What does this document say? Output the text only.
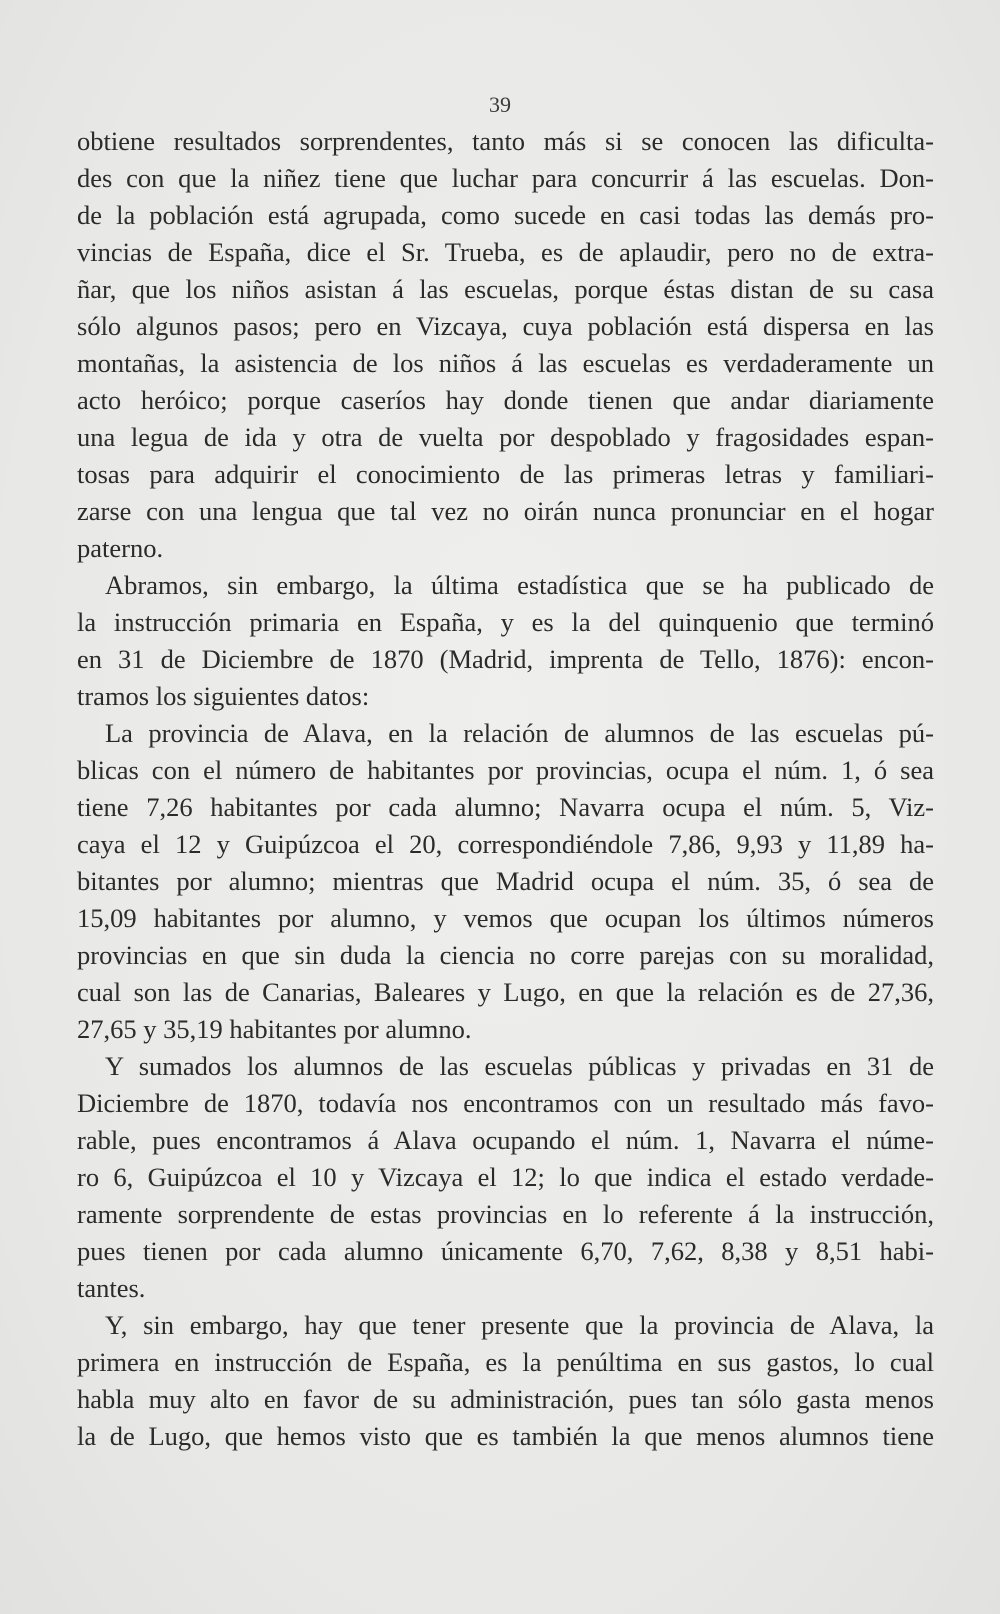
39
obtiene resultados sorprendentes, tanto más si se conocen las dificulta-
des con que la niñez tiene que luchar para concurrir á las escuelas. Don-
de la población está agrupada, como sucede en casi todas las demás pro-
vincias de España, dice el Sr. Trueba, es de aplaudir, pero no de extra-
ñar, que los niños asistan á las escuelas, porque éstas distan de su casa
sólo algunos pasos; pero en Vizcaya, cuya población está dispersa en las
montañas, la asistencia de los niños á las escuelas es verdaderamente un
acto heróico; porque caseríos hay donde tienen que andar diariamente
una legua de ida y otra de vuelta por despoblado y fragosidades espan-
tosas para adquirir el conocimiento de las primeras letras y familiari-
zarse con una lengua que tal vez no oirán nunca pronunciar en el hogar
paterno.
Abramos, sin embargo, la última estadística que se ha publicado de
la instrucción primaria en España, y es la del quinquenio que terminó
en 31 de Diciembre de 1870 (Madrid, imprenta de Tello, 1876): encon-
tramos los siguientes datos:
La provincia de Alava, en la relación de alumnos de las escuelas pú-
blicas con el número de habitantes por provincias, ocupa el núm. 1, ó sea
tiene 7,26 habitantes por cada alumno; Navarra ocupa el núm. 5, Viz-
caya el 12 y Guipúzcoa el 20, correspondiéndole 7,86, 9,93 y 11,89 ha-
bitantes por alumno; mientras que Madrid ocupa el núm. 35, ó sea de
15,09 habitantes por alumno, y vemos que ocupan los últimos números
provincias en que sin duda la ciencia no corre parejas con su moralidad,
cual son las de Canarias, Baleares y Lugo, en que la relación es de 27,36,
27,65 y 35,19 habitantes por alumno.
Y sumados los alumnos de las escuelas públicas y privadas en 31 de
Diciembre de 1870, todavía nos encontramos con un resultado más favo-
rable, pues encontramos á Alava ocupando el núm. 1, Navarra el núme-
ro 6, Guipúzcoa el 10 y Vizcaya el 12; lo que indica el estado verdade-
ramente sorprendente de estas provincias en lo referente á la instrucción,
pues tienen por cada alumno únicamente 6,70, 7,62, 8,38 y 8,51 habi-
tantes.
Y, sin embargo, hay que tener presente que la provincia de Alava, la
primera en instrucción de España, es la penúltima en sus gastos, lo cual
habla muy alto en favor de su administración, pues tan sólo gasta menos
la de Lugo, que hemos visto que es también la que menos alumnos tiene
